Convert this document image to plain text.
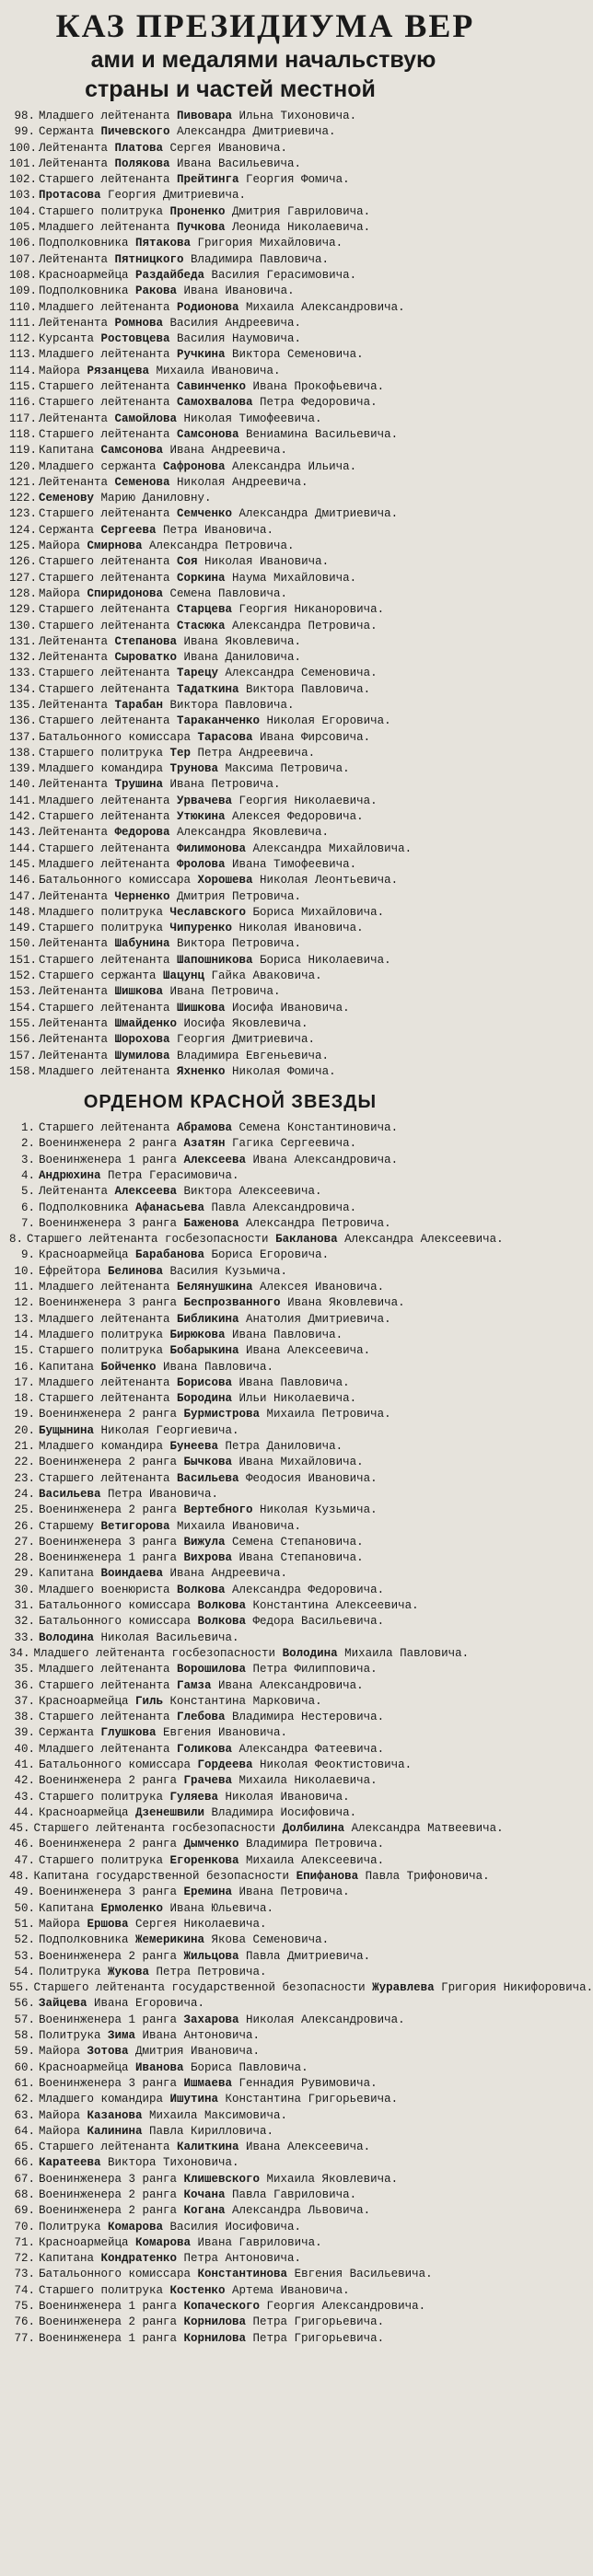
КАЗ ПРЕЗИДИУМА ВЕР
ами и медалями начальствую
страны и частей местной
98. Младшего лейтенанта Пивовара Ильна Тихоновича.
99. Сержанта Пичевского Александра Дмитриевича.
100. Лейтенанта Платова Сергея Ивановича.
101. Лейтенанта Полякова Ивана Васильевича.
102. Старшего лейтенанта Прейтинга Георгия Фомича.
103. Протасова Георгия Дмитриевича.
104. Старшего политрука Проненко Дмитрия Гавриловича.
105. Младшего лейтенанта Пучкова Леонида Николаевича.
106. Подполковника Пятакова Григория Михайловича.
107. Лейтенанта Пятницкого Владимира Павловича.
108. Красноармейца Раздайбеда Василия Герасимовича.
109. Подполковника Ракова Ивана Ивановича.
110. Младшего лейтенанта Родионова Михаила Александровича.
111. Лейтенанта Ромнова Василия Андреевича.
112. Курсанта Ростовцева Василия Наумовича.
113. Младшего лейтенанта Ручкина Виктора Семеновича.
114. Майора Рязанцева Михаила Ивановича.
115. Старшего лейтенанта Савинченко Ивана Прокофьевича.
116. Старшего лейтенанта Самохвалова Петра Федоровича.
117. Лейтенанта Самойлова Николая Тимофеевича.
118. Старшего лейтенанта Самсонова Вениамина Васильевича.
119. Капитана Самсонова Ивана Андреевича.
120. Младшего сержанта Сафронова Александра Ильича.
121. Лейтенанта Семенова Николая Андреевича.
122. Семенову Марию Даниловну.
123. Старшего лейтенанта Семченко Александра Дмитриевича.
124. Сержанта Сергеева Петра Ивановича.
125. Майора Смирнова Александра Петровича.
126. Старшего лейтенанта Соя Николая Ивановича.
127. Старшего лейтенанта Соркина Наума Михайловича.
128. Майора Спиридонова Семена Павловича.
129. Старшего лейтенанта Старцева Георгия Никаноровича.
130. Старшего лейтенанта Стасюка Александра Петровича.
131. Лейтенанта Степанова Ивана Яковлевича.
132. Лейтенанта Сыроватко Ивана Даниловича.
133. Старшего лейтенанта Тарецу Александра Семеновича.
134. Старшего лейтенанта Тадаткина Виктора Павловича.
135. Лейтенанта Тарабан Виктора Павловича.
136. Старшего лейтенанта Тараканченко Николая Егоровича.
137. Батальонного комиссара Тарасова Ивана Фирсовича.
138. Старшего политрука Тер Петра Андреевича.
139. Младшего командира Трунова Максима Петровича.
140. Лейтенанта Трушина Ивана Петровича.
141. Младшего лейтенанта Урвачева Георгия Николаевича.
142. Старшего лейтенанта Утюкина Алексея Федоровича.
143. Лейтенанта Федорова Александра Яковлевича.
144. Старшего лейтенанта Филимонова Александра Михайловича.
145. Младшего лейтенанта Фролова Ивана Тимофеевича.
146. Батальонного комиссара Хорошева Николая Леонтьевича.
147. Лейтенанта Черненко Дмитрия Петровича.
148. Младшего политрука Чеславского Бориса Михайловича.
149. Старшего политрука Чипуренко Николая Ивановича.
150. Лейтенанта Шабунина Виктора Петровича.
151. Старшего лейтенанта Шапошникова Бориса Николаевича.
152. Старшего сержанта Шацунц Гайка Аваковича.
153. Лейтенанта Шишкова Ивана Петровича.
154. Старшего лейтенанта Шишкова Иосифа Ивановича.
155. Лейтенанта Шмайденко Иосифа Яковлевича.
156. Лейтенанта Шорохова Георгия Дмитриевича.
157. Лейтенанта Шумилова Владимира Евгеньевича.
158. Младшего лейтенанта Яхненко Николая Фомича.
ОРДЕНОМ КРАСНОЙ ЗВЕЗДЫ
1. Старшего лейтенанта Абрамова Семена Константиновича.
2. Военинженера 2 ранга Азатян Гагика Сергеевича.
3. Военинженера 1 ранга Алексеева Ивана Александровича.
4. Андрюхина Петра Герасимовича.
5. Лейтенанта Алексеева Виктора Алексеевича.
6. Подполковника Афанасьева Павла Александровича.
7. Военинженера 3 ранга Баженова Александра Петровича.
8. Старшего лейтенанта госбезопасности Бакланова Александра Алексеевича.
9. Красноармейца Барабанова Бориса Егоровича.
10. Ефрейтора Белинова Василия Кузьмича.
11. Младшего лейтенанта Белянушкина Алексея Ивановича.
12. Военинженера 3 ранга Беспрозванного Ивана Яковлевича.
13. Младшего лейтенанта Библикина Анатолия Дмитриевича.
14. Младшего политрука Бирюкова Ивана Павловича.
15. Старшего политрука Бобарыкина Ивана Алексеевича.
16. Капитана Бойченко Ивана Павловича.
17. Младшего лейтенанта Борисова Ивана Павловича.
18. Старшего лейтенанта Бородина Ильи Николаевича.
19. Военинженера 2 ранга Бурмистрова Михаила Петровича.
20. Бущынина Николая Георгиевича.
21. Младшего командира Бунеева Петра Даниловича.
22. Военинженера 2 ранга Бычкова Ивана Михайловича.
23. Старшего лейтенанта Васильева Феодосия Ивановича.
24. Васильева Петра Ивановича.
25. Военинженера 2 ранга Вертебного Николая Кузьмича.
26. Старшему Ветигорова Михаила Ивановича.
27. Военинженера 3 ранга Вижула Семена Степановича.
28. Военинженера 1 ранга Вихрова Ивана Степановича.
29. Капитана Воиндаева Ивана Андреевича.
30. Младшего военюриста Волкова Александра Федоровича.
31. Батальонного комиссара Волкова Константина Алексеевича.
32. Батальонного комиссара Волкова Федора Васильевича.
33. Володина Николая Васильевича.
34. Младшего лейтенанта госбезопасности Володина Михаила Павловича.
35. Младшего лейтенанта Ворошилова Петра Филипповича.
36. Старшего лейтенанта Гамза Ивана Александровича.
37. Красноармейца Гиль Константина Марковича.
38. Старшего лейтенанта Глебова Владимира Нестеровича.
39. Сержанта Глушкова Евгения Ивановича.
40. Младшего лейтенанта Голикова Александра Фатеевича.
41. Батальонного комиссара Гордеева Николая Феоктистовича.
42. Военинженера 2 ранга Грачева Михаила Николаевича.
43. Старшего политрука Гуляева Николая Ивановича.
44. Красноармейца Дзенешвили Владимира Иосифовича.
45. Старшего лейтенанта госбезопасности Долбилина Александра Матвеевича.
46. Военинженера 2 ранга Дымченко Владимира Петровича.
47. Старшего политрука Егоренкова Михаила Алексеевича.
48. Капитана государственной безопасности Епифанова Павла Трифоновича.
49. Военинженера 3 ранга Еремина Ивана Петровича.
50. Капитана Ермоленко Ивана Юльевича.
51. Майора Ершова Сергея Николаевича.
52. Подполковника Жемерикина Якова Семеновича.
53. Военинженера 2 ранга Жильцова Павла Дмитриевича.
54. Политрука Жукова Петра Петровича.
55. Старшего лейтенанта государственной безопасности Журавлева Григория Никифоровича.
56. Зайцева Ивана Егоровича.
57. Военинженера 1 ранга Захарова Николая Александровича.
58. Политрука Зима Ивана Антоновича.
59. Майора Зотова Дмитрия Ивановича.
60. Красноармейца Иванова Бориса Павловича.
61. Военинженера 3 ранга Ишмаева Геннадия Рувимовича.
62. Младшего командира Ишутина Константина Григорьевича.
63. Майора Казанова Михаила Максимовича.
64. Майора Калинина Павла Кирилловича.
65. Старшего лейтенанта Калиткина Ивана Алексеевича.
66. Каратеева Виктора Тихоновича.
67. Военинженера 3 ранга Клишевского Михаила Яковлевича.
68. Военинженера 2 ранга Кочана Павла Гавриловича.
69. Военинженера 2 ранга Когана Александра Львовича.
70. Политрука Комарова Василия Иосифовича.
71. Красноармейца Комарова Ивана Гавриловича.
72. Капитана Кондратенко Петра Антоновича.
73. Батальонного комиссара Константинова Евгения Васильевича.
74. Старшего политрука Костенко Артема Ивановича.
75. Военинженера 1 ранга Копаческого Георгия Александровича.
76. Военинженера 2 ранга Корнилова Петра Григорьевича.
77. Военинженера 1 ранга Корнилова Петра Григорьевича.
